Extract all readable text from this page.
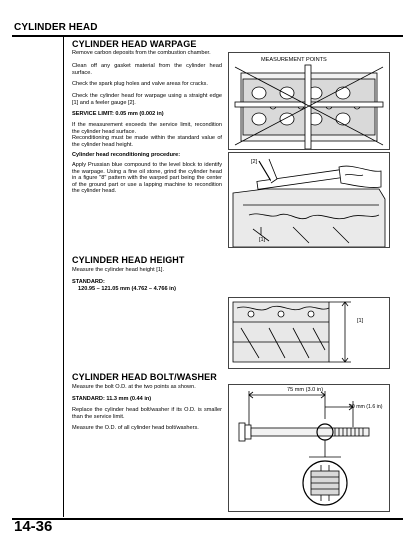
CYLINDER HEAD
CYLINDER HEAD WARPAGE
Remove carbon deposits from the combustion chamber.
Clean off any gasket material from the cylinder head surface.
Check the spark plug holes and valve areas for cracks.
Check the cylinder head for warpage using a straight edge [1] and a feeler gauge [2].
SERVICE LIMIT: 0.05 mm (0.002 in)
If the measurement exceeds the service limit, recondition the cylinder head surface.
Reconditioning must be made within the standard value of the cylinder head height.
Cylinder head reconditioning procedure:
Apply Prussian blue compound to the level block to identify the warpage. Using a fine oil stone, grind the cylinder head in a figure "8" pattern with the warped part being the center of the ground part or use a lapping machine to recondition the cylinder head.
MEASUREMENT POINTS
[2]
[1]
CYLINDER HEAD HEIGHT
Measure the cylinder head height [1].
STANDARD:
120.95 – 121.05 mm (4.762 – 4.766 in)
[1]
CYLINDER HEAD BOLT/WASHER
Measure the bolt O.D. at the two points as shown.
STANDARD: 11.3 mm (0.44 in)
Replace the cylinder head bolt/washer if its O.D. is smaller than the service limit.
Measure the O.D. of all cylinder head bolt/washers.
75 mm (3.0 in)
40 mm (1.6 in)
14-36
